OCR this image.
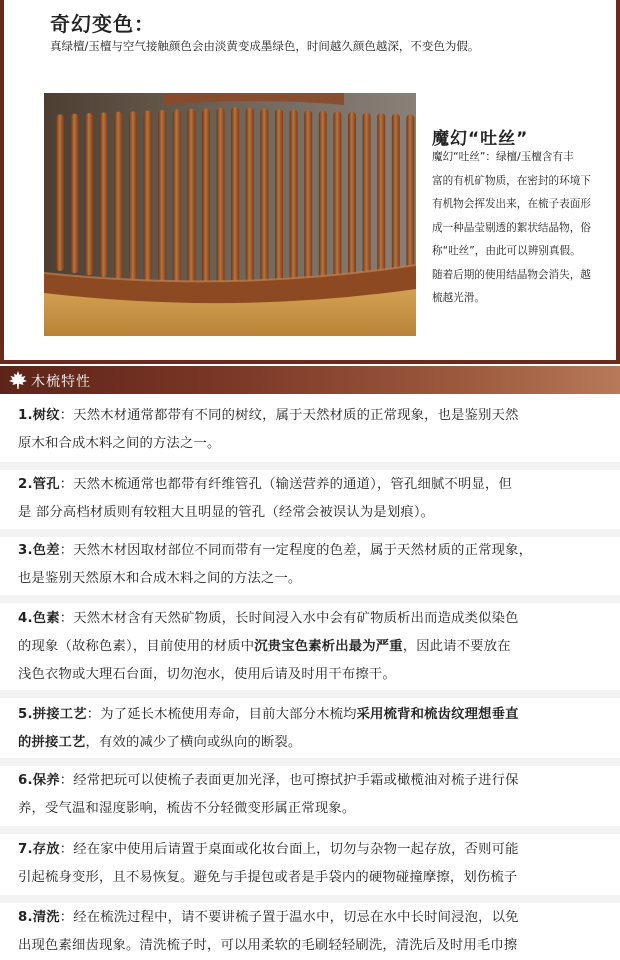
奇幻变色：

真绿檀/玉檀与空气接触颜色会由淡黄变成墨绿色，时间越久颜色越深，不变色为假。

魔幻“吐丝”
魔幻“吐丝”：绿檀/玉檀含有丰
富的有机矿物质，在密封的环境下
有机物会挥发出来，在梳子表面形
成一种晶莹剔透的絮状结晶物，俗
称“吐丝”，由此可以辨别真假。
随着后期的使用结晶物会消失，越
梳越光滑。
木梳特性
1.树纹：天然木材通常都带有不同的树纹，属于天然材质的正常现象，也是鉴别天然
原木和合成木料之间的方法之一。
2.管孔：天然木梳通常也都带有纤维管孔（输送营养的通道），管孔细腻不明显，但
是 部分高档材质则有较粗大且明显的管孔（经常会被误认为是划痕）。
3.色差：天然木材因取材部位不同而带有一定程度的色差，属于天然材质的正常现象，
也是鉴别天然原木和合成木料之间的方法之一。
4.色素：天然木材含有天然矿物质，长时间浸入水中会有矿物质析出而造成类似染色
的现象（故称色素），目前使用的材质中沉贵宝色素析出最为严重，因此请不要放在
浅色衣物或大理石台面，切勿泡水，使用后请及时用干布擦干。
5.拼接工艺：为了延长木梳使用寿命，目前大部分木梳均采用梳背和梳齿纹理想垂直
的拼接工艺，有效的减少了横向或纵向的断裂。
6.保养：经常把玩可以使梳子表面更加光泽，也可擦拭护手霜或橄榄油对梳子进行保
养，受气温和湿度影响，梳齿不分轻微变形属正常现象。
7.存放：经在家中使用后请置于桌面或化妆台面上，切勿与杂物一起存放，否则可能
引起梳身变形，且不易恢复。避免与手提包或者是手袋内的硬物碰撞摩擦，划伤梳子
8.清洗：经在梳洗过程中，请不要讲梳子置于温水中，切忌在水中长时间浸泡，以免
出现色素细齿现象。清洗梳子时，可以用柔软的毛刷轻轻刷洗，清洗后及时用毛巾擦
